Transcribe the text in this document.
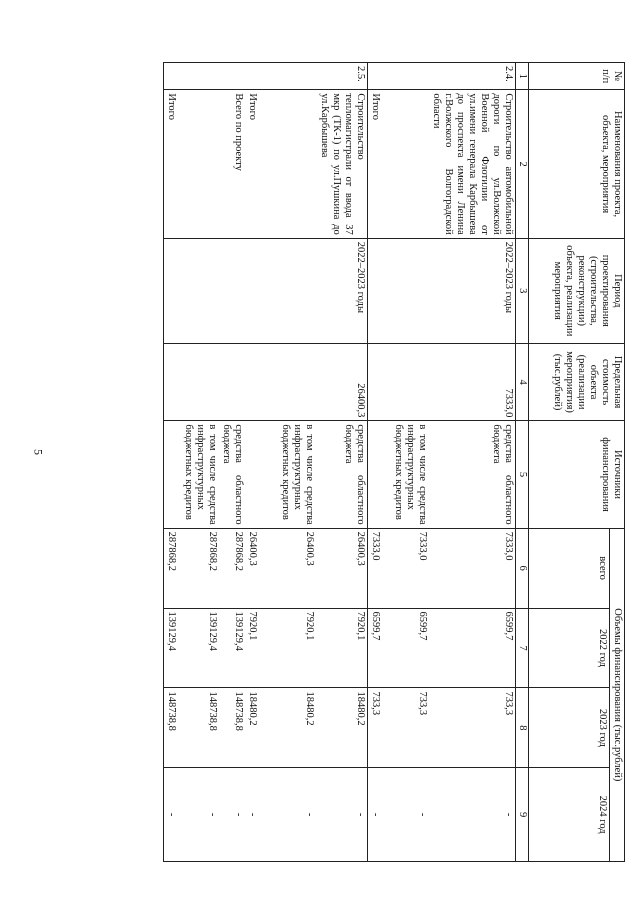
5
№ п/п	Наименования проекта, объекта, мероприятия	Период проектирования (строительства, реконструкции) объекта, реализации мероприятия	Предельная стоимость объекта (реализации мероприятия) (тыс.рублей)	Источники финансирования	Объемы финансирования (тыс.рублей)			
					всего	2022 год	2023 год	2024 год
1	2	3	4	5	6	7	8	9
2.4.	Строительство автомобильной дороги по ул.Волжской Военной Флотилии от ул.имени генерала Карбышева до проспекта имени Ленина г.Волжского Волгоградской области	2022–2023 годы	7333,0	средства областного бюджета	7333,0	6599,7	733,3	-
				в том числе средства инфраструктурных бюджетных кредитов	7333,0	6599,7	733,3	-
	Итого				7333,0	6599,7	733,3	-
2.5.	Строительство тепломагистрали от ввода 37 мкр (ТК-1) по ул.Пушкина до ул.Карбышева	2022–2023 годы	26400,3	средства областного бюджета	26400,3	7920,1	18480,2	-
				в том числе средства инфраструктурных бюджетных кредитов	26400,3	7920,1	18480,2	-
	Итого				26400,3	7920,1	18480,2	-
	Всего по проекту			средства областного бюджета	287868,2	139129,4	148738,8	-
				в том числе средства инфраструктурных бюджетных кредитов	287868,2	139129,4	148738,8	-
	Итого				287868,2	139129,4	148738,8	-
